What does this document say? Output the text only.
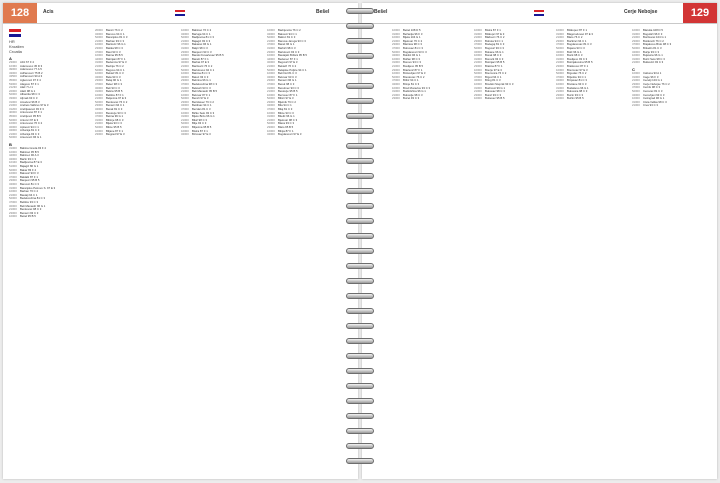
128	Acis	Bešel
HR
Kroatien
Croatia
A
23000 Ačić 67 F 4
10360 Adamovec 45 D 3
49000 Adamovec 77 A 5
43000 Adžamovci 75 B 2
43500 Adžamovci 90 A 3
35000 Aglenovci 97 F 4
53000 Alagovo 87 F 1
21230 Alač 7 H 1
22000 Alaći 98 G 1
52000 Albaniša 98 C 3
33000 Aljmaš 93 C 3
31000 Amaćevi 96 B 3
21000 Andreis Valbrus 97 E 3
31200 Andrijasevci 93 F 3
40000 Antunovac 87 F 1
35000 Andrijevci 95 B 5
52000 Antonci 97 E 3
10000 Antunovac 76 C 2
32000 Apševci 94 C 1
34000 Arbanija 81 C 3
21000 Arbanija 93 C 3
52000 Arsenovci 96 G 1
B
31000 Babina Greda 93 F 4
10000 Babinac 95 B 5
44000 Babinec 90 A 3
34000 Bačin 93 C 3
10340 Badljevina 87 E 3
51000 Bajagić 80 G 1
52000 Bakar 83 F 4
10000 Baković 93 F 3
47000 Baldaši 87 F 1
23000 Banjevci 95 B 5
34000 Banovci 81 C 3
31000 Baranjsko Petrovo S. 97 E 3
10000 Barban 76 C 2
21000 Bastaji 94 C 1
52000 Bedekovčina 81 C 3
47000 Belišće 93 C 3
32000 Beli Manastir 96 G 1
21000 Benkovac 98 C 3
23000 Beravci 93 C 3
10000 Bešel 95 B 5
20000 Banici 76 C 2
34000 Banovo 94 C 1
52000 Baranjsko 81 C 3
21000 Barban 93 C 3
10000 Barilović 96 G 1
23000 Baška 98 C 3
47000 Bast 93 C 3
10000 Batina 95 B 5
44000 Batinjani 87 F 1
31000 Bedenica 97 E 3
21000 Bednja 76 C 2
52000 Begovo 94 C 1
10000 Bektež 81 C 3
34000 Bela 93 C 3
23000 Belaj 96 G 1
47000 Belec 98 C 3
32000 Beli 93 C 3
31000 Belica 95 B 5
10000 Belišće 87 F 1
21000 Beljevina 97 E 3
52000 Benkovac 76 C 2
23000 Beravci 94 C 1
34000 Berak 81 C 3
10000 Bestovje 93 C 3
47000 Betina 96 G 1
31000 Bibinje 98 C 3
21000 Bijela 93 C 3
52000 Bilice 95 B 5
10000 Biljane 87 F 1
23000 Biograd 97 E 3
10000 Babinac 76 C 2
34000 Bačuga 94 C 1
52000 Badljevina 81 C 3
21000 Bajagić 93 C 3
47000 Bakarac 96 G 1
31000 Baljci 98 C 3
23000 Banjevci 93 C 3
10000 Banski Kovačevac 95 B 5
44000 Baraći 87 F 1
32000 Barbat 97 E 3
21000 Baričević 76 C 2
52000 Bartolovec 94 C 1
10000 Batrina 81 C 3
34000 Baturi 93 C 3
23000 Bebrina 96 G 1
47000 Bedekovčina 98 C 3
31000 Belavići 93 C 3
21000 Beli Manastir 95 B 5
10000 Belovar 87 F 1
52000 Benići 97 E 3
23000 Berislavec 76 C 2
34000 Bešlinac 94 C 1
47000 Bezdan 81 C 3
10000 Bičko Selo 93 C 3
31000 Bijelo Brdo 96 G 1
21000 Bikić 98 C 3
52000 Bilje 93 C 3
23000 Biljevina 95 B 5
10000 Bistra 87 F 1
34000 Bizovac 97 E 3
10000 Badnjevica 76 C 2
34000 Bakovci 94 C 1
52000 Balinci 81 C 3
21000 Banova Jaruga 93 C 3
47000 Barać 96 G 1
31000 Barbići 98 C 3
23000 Bartolovci 93 C 3
10000 Bastajski Brđani 95 B 5
44000 Bedenec 87 F 1
32000 Begovići 97 E 3
21000 Bekteži 76 C 2
52000 Belajske Poljice 94 C 1
10000 Beli Dol 81 C 3
34000 Belovar 93 C 3
23000 Beravci 96 G 1
47000 Berek 98 C 3
31000 Beretinec 93 C 3
21000 Bestovje 95 B 5
10000 Bezovec 87 F 1
52000 Bibici 97 E 3
23000 Bijelnik 76 C 2
34000 Bila 94 C 1
47000 Bilaj 81 C 3
10000 Bilice 93 C 3
31000 Bitelić 96 G 1
21000 Bjelovar 98 C 3
52000 Blaca 93 C 3
23000 Blato 95 B 5
10000 Blinja 87 F 1
34000 Bogdanovci 97 E 3
Bešel	Cerje Nebojse	129
10000 Bešel 108 D 5
31000 Bežanija 96 F 3
10000 Bijela 104 G 1
21000 Bjelovar 76 C 2
23000 Blatnica 98 C 3
47000 Bobovac 81 C 3
52000 Bogdanovci 93 C 3
34000 Bokšić 96 G 1
10000 Bolfan 98 C 3
31000 Borovo 93 C 3
21000 Bosiljevo 95 B 5
23000 Bračević 87 F 1
10000 Brckovljani 97 E 3
52000 Brestovac 76 C 2
47000 Bribir 94 C 1
34000 Brinje 81 C 3
10000 Brod Moravice 93 C 3
31000 Budinščina 96 G 1
21000 Bukovlje 98 C 3
23000 Buzet 93 C 3
10000 Bistra 87 F 1
31000 Biškupci 97 E 3
21000 Blaževci 76 C 2
23000 Bobota 94 C 1
47000 Bodegaj 81 C 3
52000 Bogović 93 C 3
34000 Bokane 96 G 1
10000 Borak 98 C 3
31000 Borovik 93 C 3
21000 Bošnjaci 95 B 5
23000 Bratina 87 F 1
10000 Brezje 97 E 3
52000 Brezovica 76 C 2
47000 Brgod 94 C 1
34000 Brlog 81 C 3
10000 Brodski Stupnik 93 C 3
31000 Budrovci 96 G 1
21000 Bukovac 98 C 3
23000 Bunić 93 C 3
10000 Buševec 95 B 5
10000 Biškupec 87 F 1
31000 Blagorodovac 97 E 3
21000 Blato 76 C 2
23000 Bočkinci 94 C 1
47000 Bogdanovac 81 C 3
52000 Bojana 93 C 3
34000 Bolč 96 G 1
10000 Borik 98 C 3
31000 Bosiljevo 93 C 3
21000 Bošnjakovina 95 B 5
23000 Bratkovec 87 F 1
10000 Brezovac 97 E 3
52000 Brgudac 76 C 2
47000 Briješće 94 C 1
34000 Brnjavac 81 C 3
10000 Brušane 93 C 3
31000 Budaševo 96 G 1
21000 Bukovica 98 C 3
23000 Buzin 93 C 3
10000 Bužim 95 B 5
10000 Blatuša 108 D 5
31000 Bogušići 96 F 3
21000 Boričevac 104 G 1
23000 Boškovići 76 C 2
47000 Brajakovo Brdo 98 C 3
52000 Bršadin 81 C 3
34000 Bučje 93 C 3
10000 Bujavica 96 G 1
31000 Burić Selo 98 C 3
21000 Butkovići 93 C 3
C
10000 Cabuna 93 A 1
31000 Cage 96 F 3
21000 Cecelji 104 G 1
23000 Cerje Nebojse 76 C 2
47000 Cernik 98 C 3
52000 Cerovac 81 C 3
34000 Cerovljani 93 C 3
10000 Cetingrad 96 G 1
31000 Cista Velika 98 C 3
21000 Cres 93 C 3
